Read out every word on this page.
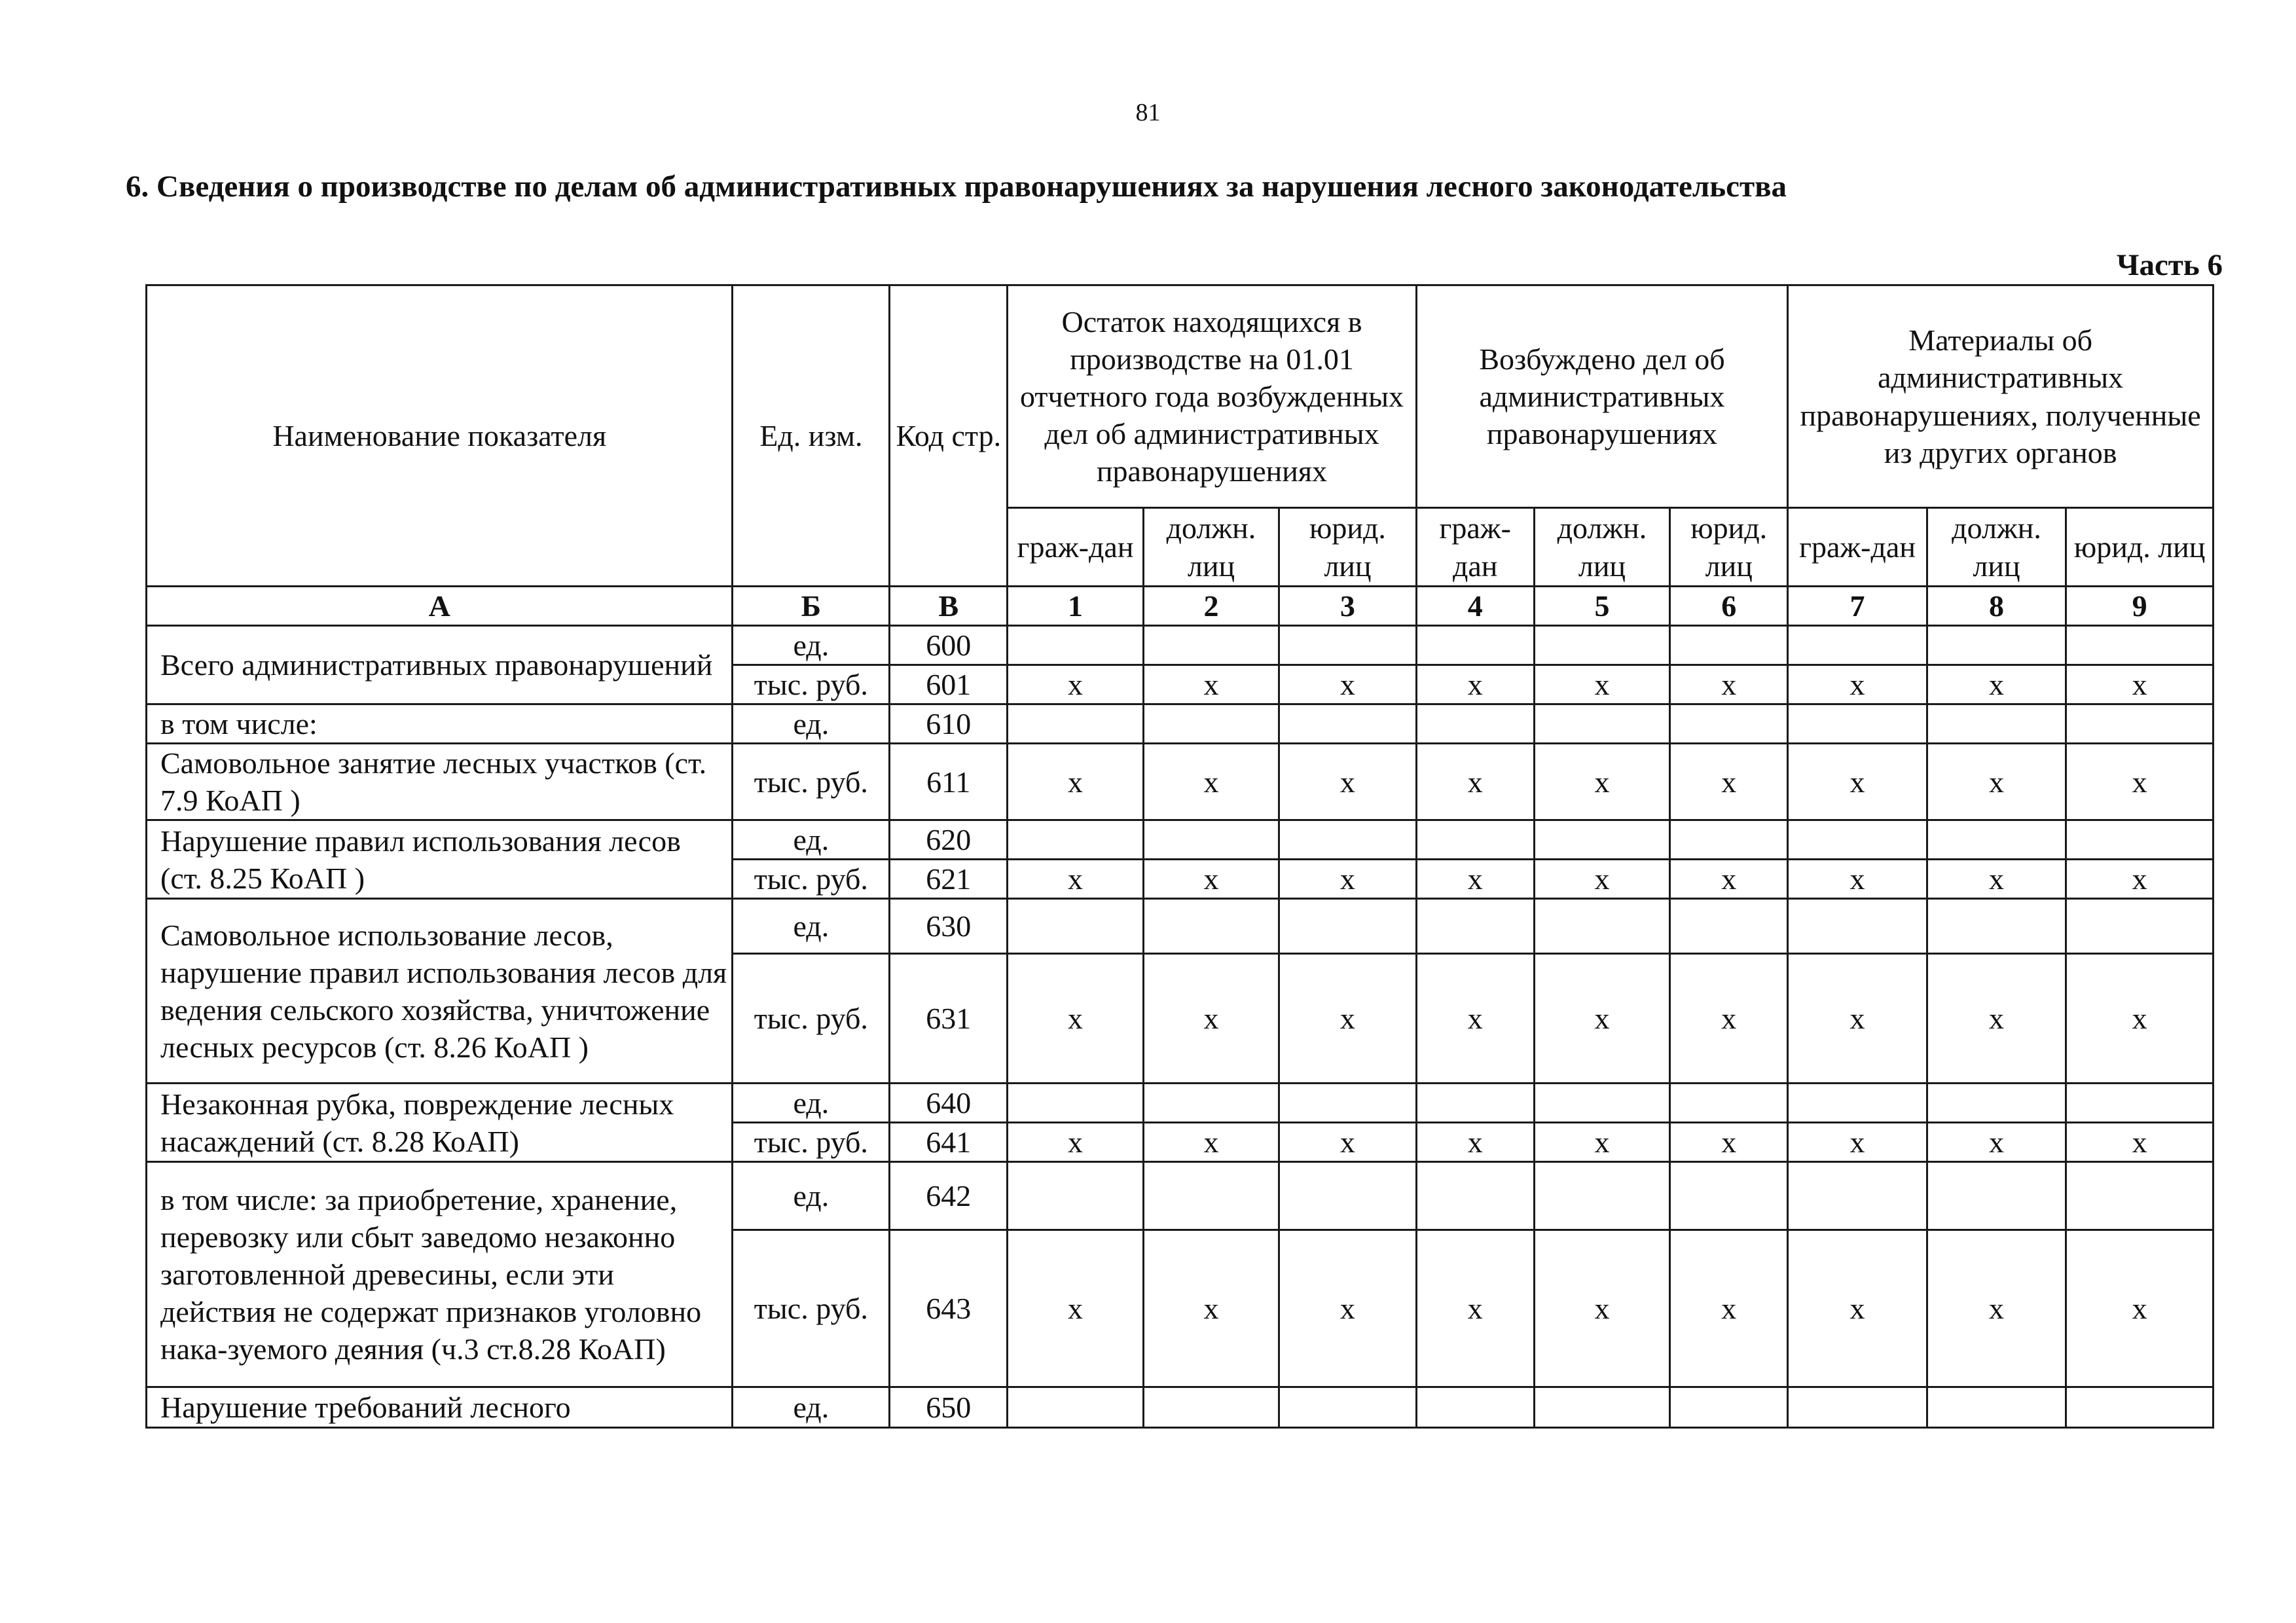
81
6. Сведения о производстве по делам об административных правонарушениях за нарушения лесного законодательства
Часть 6
Наименование показателя	Ед. изм.	Код стр.	Остаток находящихся в производстве на 01.01 отчетного года возбужденных дел об административных правонарушениях			Возбуждено дел об административных правонарушениях			Материалы об административных правонарушениях, полученные из других органов		
			граж-дан	должн. лиц	юрид. лиц	граж-дан	должн. лиц	юрид. лиц	граж-дан	должн. лиц	юрид. лиц
А	Б	В	1	2	3	4	5	6	7	8	9
Всего административных правонарушений	ед.	600									
	тыс. руб.	601	х	х	х	х	х	х	х	х	х
в том числе:	ед.	610									
Самовольное занятие лесных участков (ст. 7.9 КоАП )	тыс. руб.	611	х	х	х	х	х	х	х	х	х
Нарушение правил использования лесов (ст. 8.25 КоАП )	ед.	620									
	тыс. руб.	621	х	х	х	х	х	х	х	х	х
Самовольное использование лесов, нарушение правил использования лесов для ведения сельского хозяйства, уничтожение лесных ресурсов (ст. 8.26 КоАП )	ед.	630									
	тыс. руб.	631	х	х	х	х	х	х	х	х	х
Незаконная рубка, повреждение лесных насаждений (ст. 8.28 КоАП)	ед.	640									
	тыс. руб.	641	х	х	х	х	х	х	х	х	х
в том числе: за приобретение, хранение, перевозку или сбыт заведомо незаконно заготовленной древесины, если эти действия не содержат признаков уголовно нака-зуемого деяния (ч.3 ст.8.28 КоАП)	ед.	642									
	тыс. руб.	643	х	х	х	х	х	х	х	х	х
Нарушение требований лесного	ед.	650									
